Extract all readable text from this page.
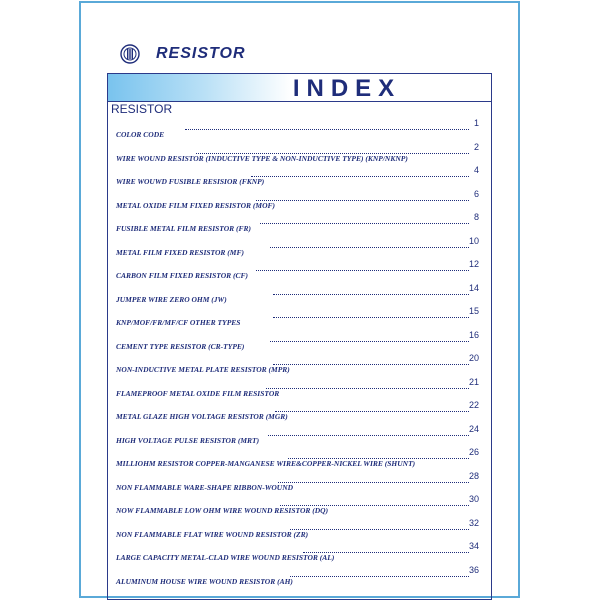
RESISTOR
INDEX
RESISTOR
1
COLOR CODE
2
WIRE WOUND RESISTOR (INDUCTIVE TYPE & NON-INDUCTIVE TYPE) (KNP/NKNP)
4
WIRE WOUWD FUSIBLE RESISIOR (FKNP)
6
METAL OXIDE FILM FIXED RESISTOR (MOF)
8
FUSIBLE METAL FILM RESISTOR (FR)
10
METAL FILM FIXED RESISTOR (MF)
12
CARBON FILM FIXED RESISTOR (CF)
14
JUMPER WIRE ZERO OHM (JW)
15
KNP/MOF/FR/MF/CF OTHER TYPES
16
CEMENT TYPE RESISTOR (CR-TYPE)
20
NON-INDUCTIVE METAL PLATE RESISTOR (MPR)
21
FLAMEPROOF METAL OXIDE FILM RESISTOR
22
METAL GLAZE HIGH VOLTAGE RESISTOR (MGR)
24
HIGH VOLTAGE PULSE RESISTOR (MRT)
26
MILLIOHM RESISTOR COPPER-MANGANESE WIRE&COPPER-NICKEL WIRE (SHUNT)
28
NON FLAMMABLE WARE-SHAPE RIBBON-WOUND
30
NOW FLAMMABLE LOW OHM WIRE WOUND RESISTOR (DQ)
32
NON FLAMMABLE FLAT WIRE WOUND RESISTOR (ZR)
34
LARGE CAPACITY METAL-CLAD WIRE WOUND RESISTOR (AL)
36
ALUMINUM HOUSE WIRE WOUND RESISTOR (AH)
